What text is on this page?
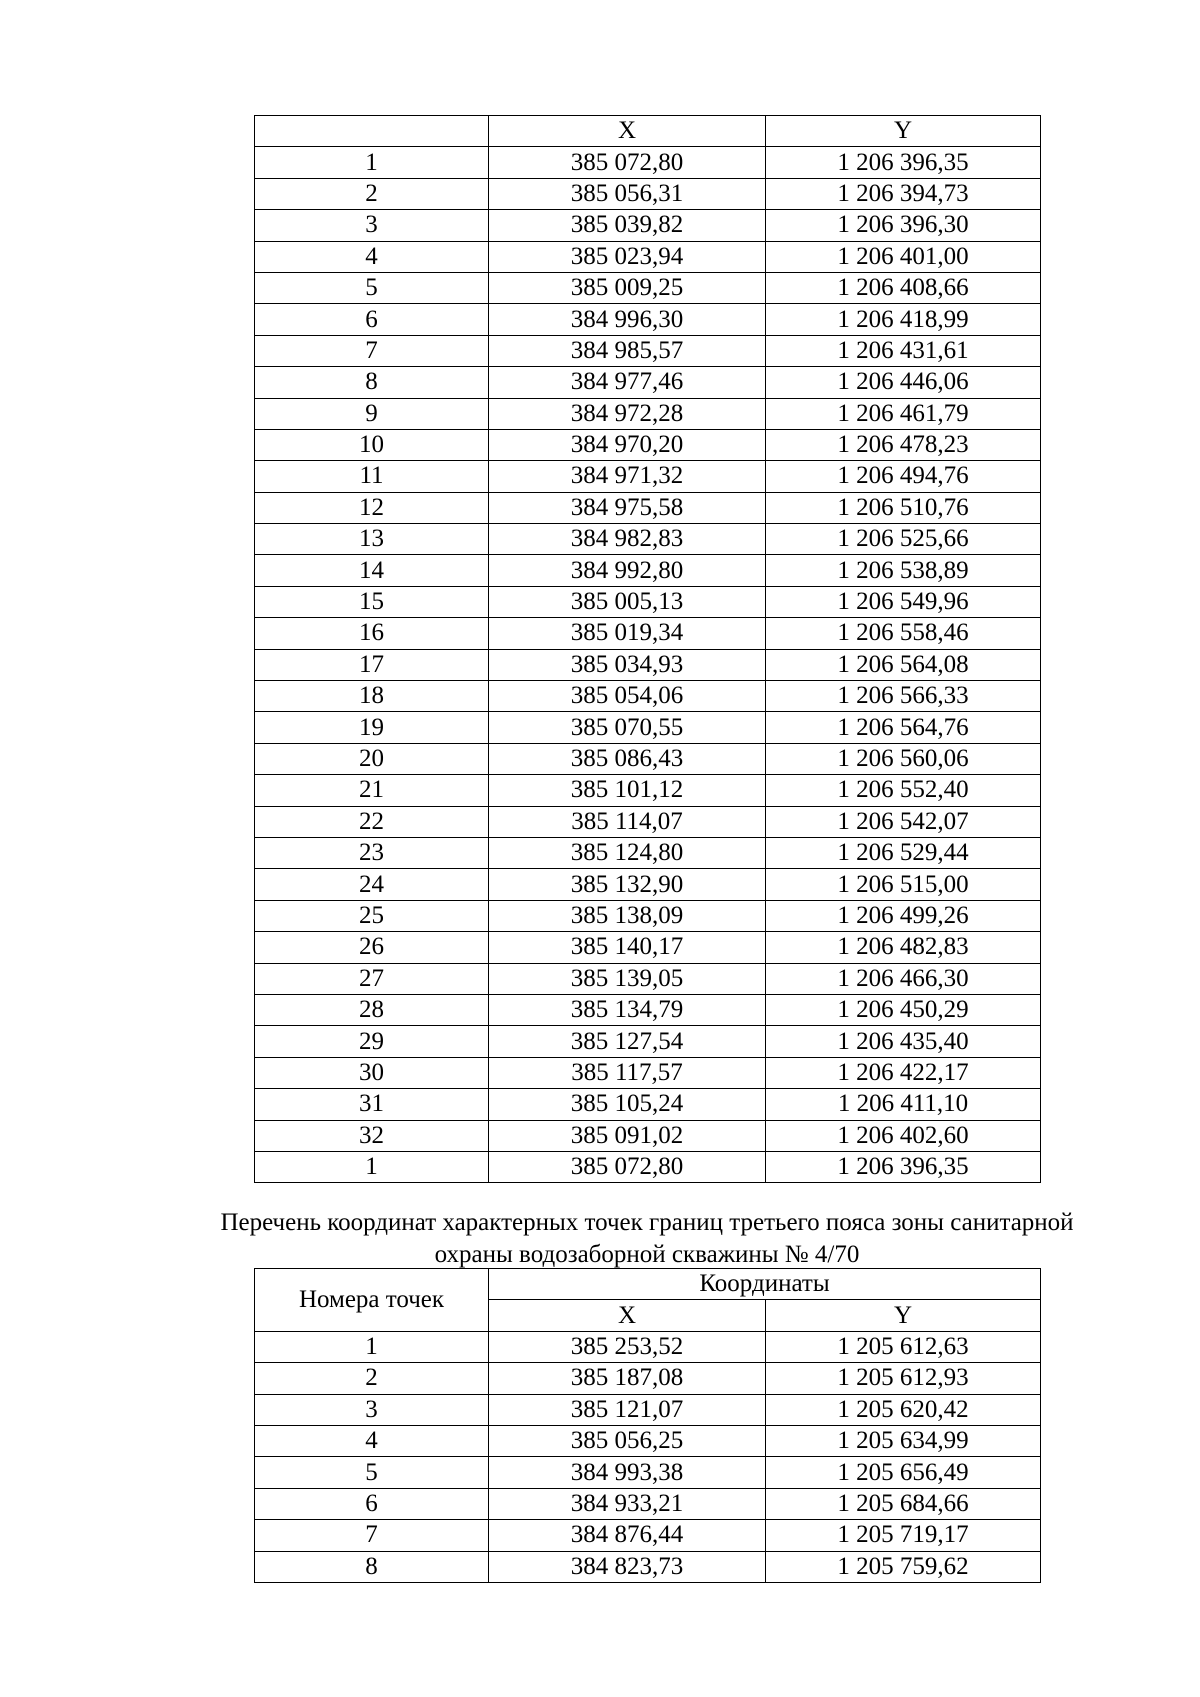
	X	Y
1	385 072,80	1 206 396,35
2	385 056,31	1 206 394,73
3	385 039,82	1 206 396,30
4	385 023,94	1 206 401,00
5	385 009,25	1 206 408,66
6	384 996,30	1 206 418,99
7	384 985,57	1 206 431,61
8	384 977,46	1 206 446,06
9	384 972,28	1 206 461,79
10	384 970,20	1 206 478,23
11	384 971,32	1 206 494,76
12	384 975,58	1 206 510,76
13	384 982,83	1 206 525,66
14	384 992,80	1 206 538,89
15	385 005,13	1 206 549,96
16	385 019,34	1 206 558,46
17	385 034,93	1 206 564,08
18	385 054,06	1 206 566,33
19	385 070,55	1 206 564,76
20	385 086,43	1 206 560,06
21	385 101,12	1 206 552,40
22	385 114,07	1 206 542,07
23	385 124,80	1 206 529,44
24	385 132,90	1 206 515,00
25	385 138,09	1 206 499,26
26	385 140,17	1 206 482,83
27	385 139,05	1 206 466,30
28	385 134,79	1 206 450,29
29	385 127,54	1 206 435,40
30	385 117,57	1 206 422,17
31	385 105,24	1 206 411,10
32	385 091,02	1 206 402,60
1	385 072,80	1 206 396,35
Перечень координат характерных точек границ третьего пояса зоны санитарной
охраны водозаборной скважины № 4/70
Номера точек	Координаты	
	X	Y
1	385 253,52	1 205 612,63
2	385 187,08	1 205 612,93
3	385 121,07	1 205 620,42
4	385 056,25	1 205 634,99
5	384 993,38	1 205 656,49
6	384 933,21	1 205 684,66
7	384 876,44	1 205 719,17
8	384 823,73	1 205 759,62
